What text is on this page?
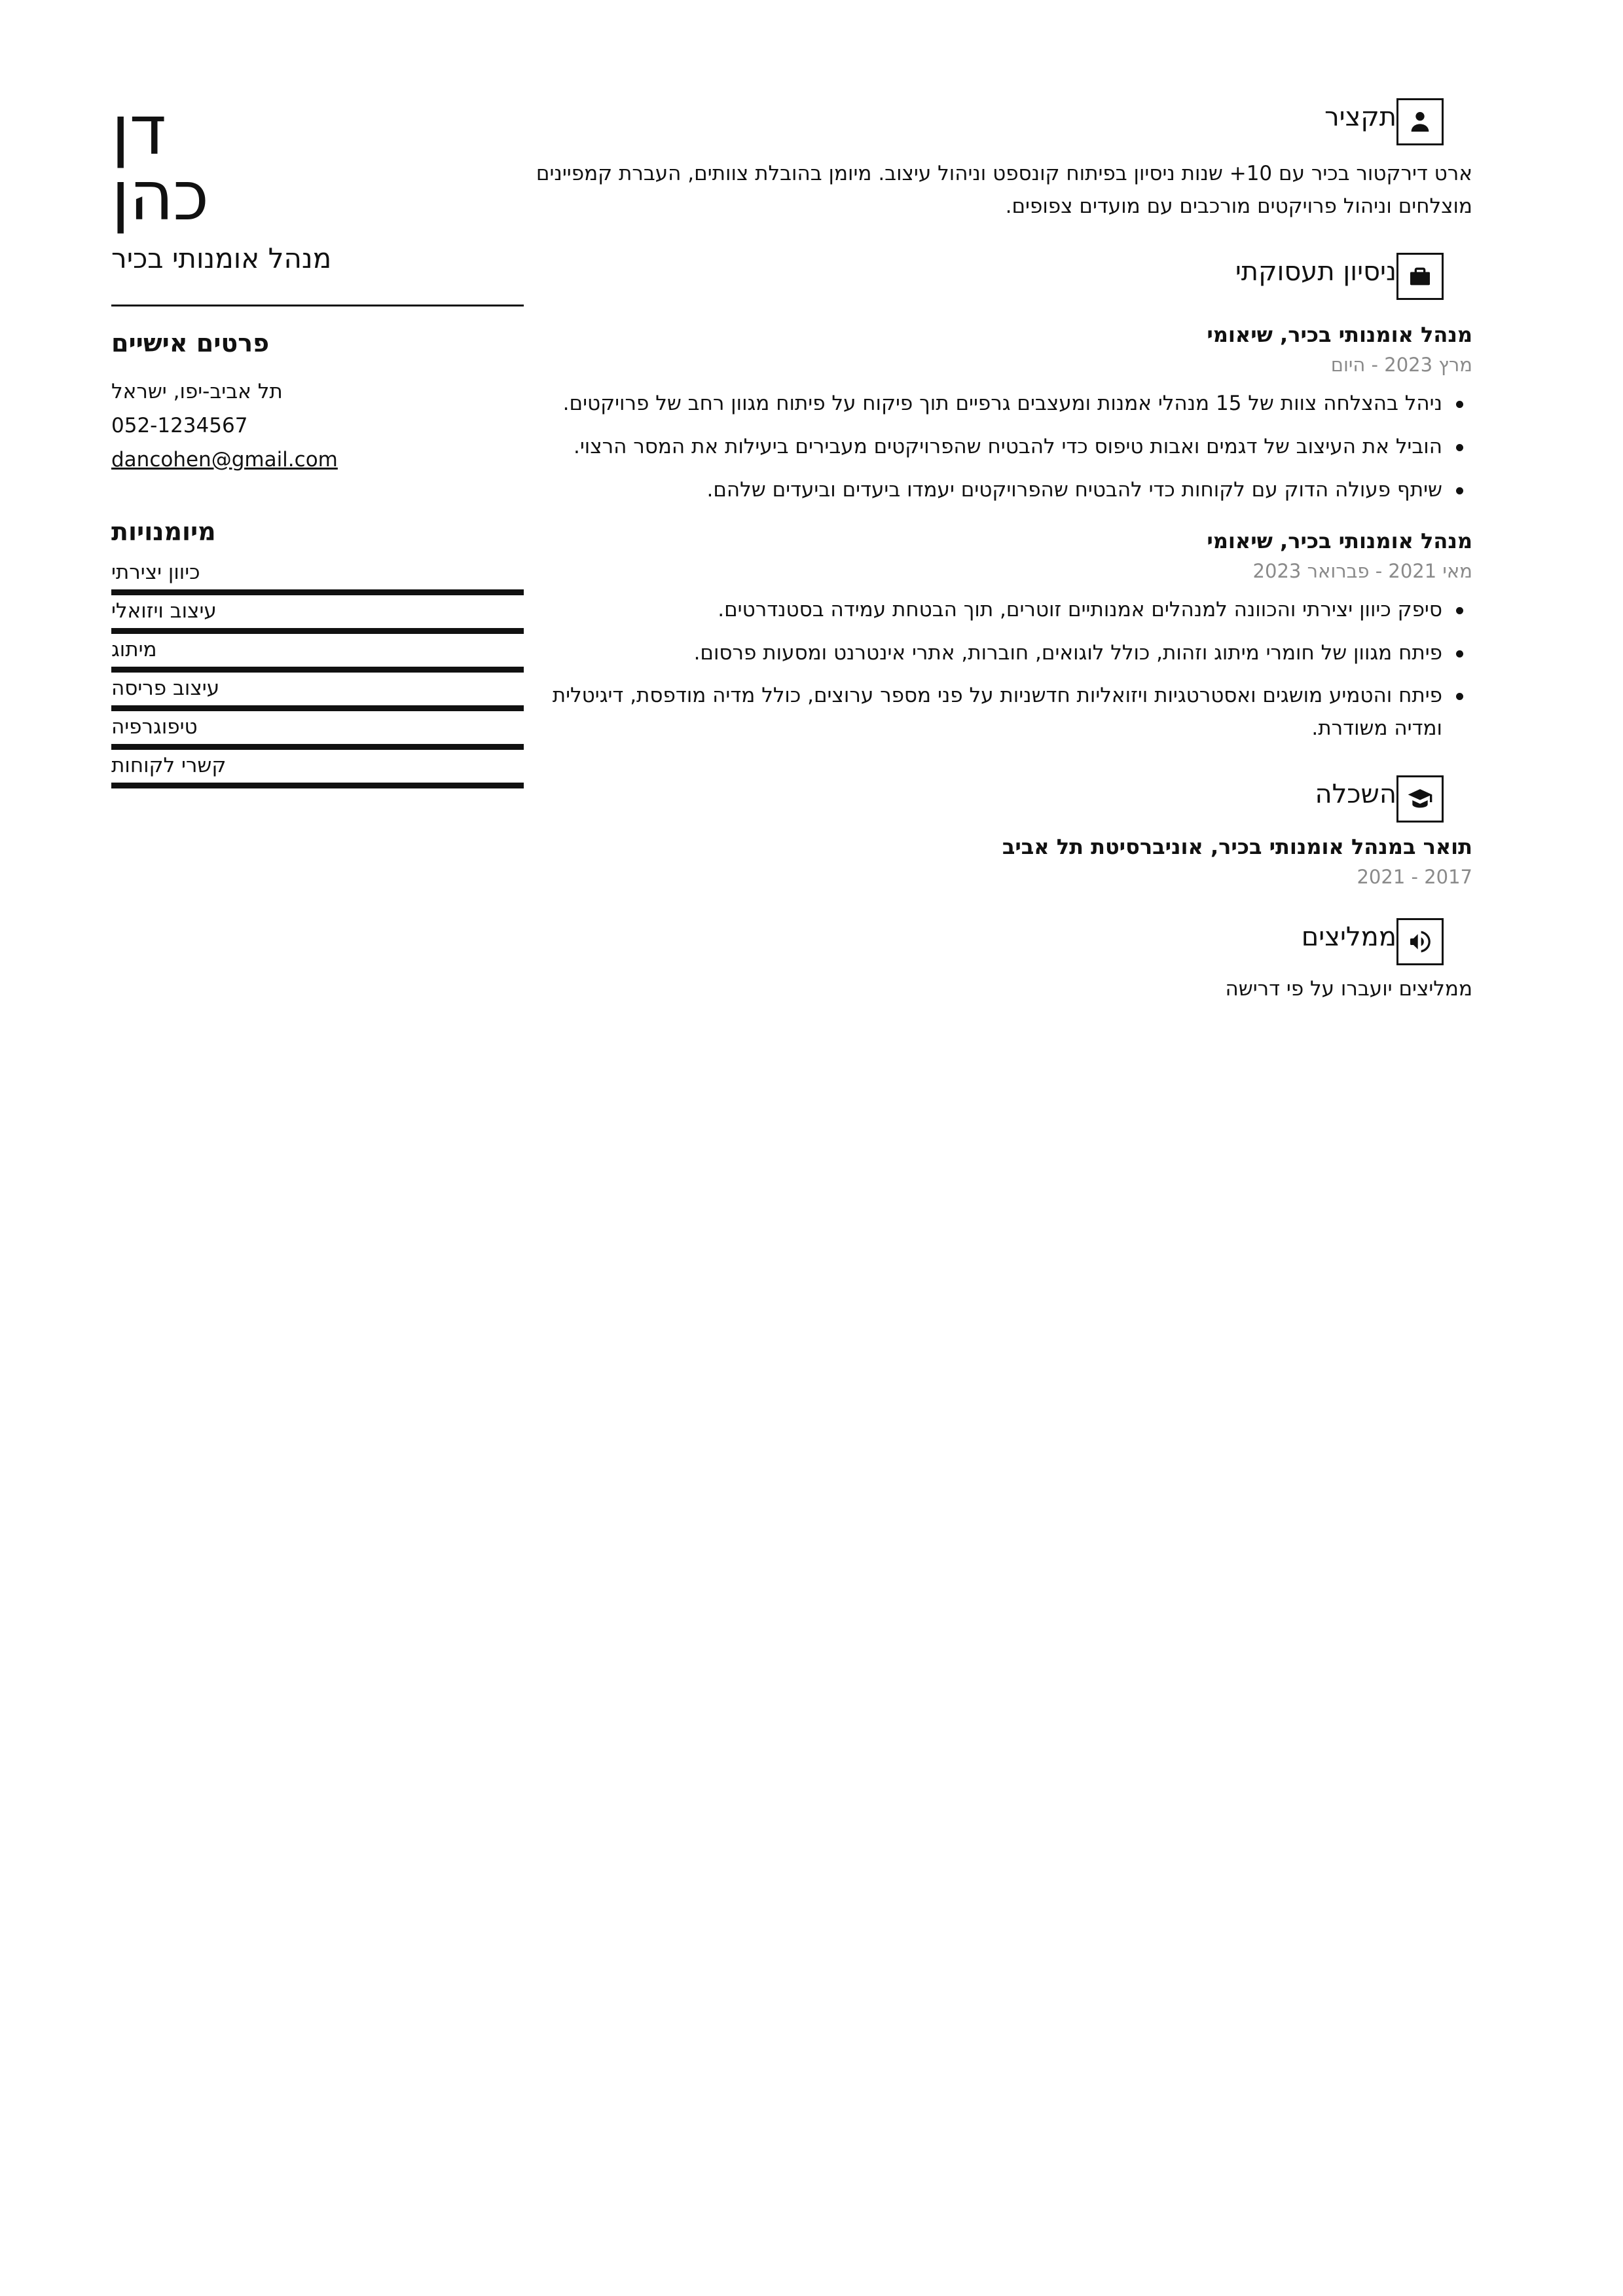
דן
כהן
מנהל אומנותי בכיר
פרטים אישיים
תל אביב-יפו, ישראל
052-1234567
dancohen@gmail.com
מיומנויות
כיוון יצירתי
עיצוב ויזואלי
מיתוג
עיצוב פריסה
טיפוגרפיה
קשרי לקוחות
תקציר
ארט דירקטור בכיר עם 10+ שנות ניסיון בפיתוח קונספט וניהול עיצוב. מיומן בהובלת צוותים, העברת קמפיינים מוצלחים וניהול פרויקטים מורכבים עם מועדים צפופים.
ניסיון תעסוקתי
מנהל אומנותי בכיר, שיאומי
מרץ 2023 - היום
ניהל בהצלחה צוות של 15 מנהלי אמנות ומעצבים גרפיים תוך פיקוח על פיתוח מגוון רחב של פרויקטים.
הוביל את העיצוב של דגמים ואבות טיפוס כדי להבטיח שהפרויקטים מעבירים ביעילות את המסר הרצוי.
שיתף פעולה הדוק עם לקוחות כדי להבטיח שהפרויקטים יעמדו ביעדים וביעדים שלהם.
מנהל אומנותי בכיר, שיאומי
מאי 2021 - פברואר 2023
סיפק כיוון יצירתי והכוונה למנהלים אמנותיים זוטרים, תוך הבטחת עמידה בסטנדרטים.
פיתח מגוון של חומרי מיתוג וזהות, כולל לוגואים, חוברות, אתרי אינטרנט ומסעות פרסום.
פיתח והטמיע מושגים ואסטרטגיות ויזואליות חדשניות על פני מספר ערוצים, כולל מדיה מודפסת, דיגיטלית ומדיה משודרת.
השכלה
תואר במנהל אומנותי בכיר, אוניברסיטת תל אביב
2017 - 2021
ממליצים
ממליצים יועברו על פי דרישה
